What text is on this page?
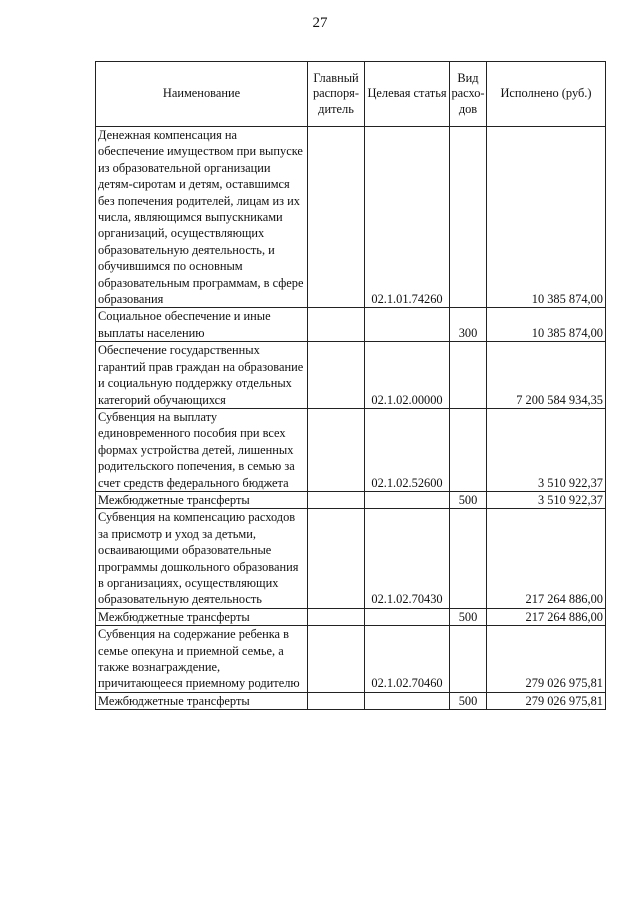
27
Наименование	Главный распоря-дитель	Целевая статья	Вид расхо-дов	Исполнено (руб.)
Денежная компенсация на обеспечение имуществом при выпуске из образовательной организации детям-сиротам и детям, оставшимся без попечения родителей, лицам из их числа, являющимся выпускниками организаций, осуществляющих образовательную деятельность, и обучившимся по основным образовательным программам, в сфере образования		02.1.01.74260		10 385 874,00
Социальное обеспечение и иные выплаты населению			300	10 385 874,00
Обеспечение государственных гарантий прав граждан на образование и социальную поддержку отдельных категорий обучающихся		02.1.02.00000		7 200 584 934,35
Субвенция на выплату единовременного пособия при всех формах устройства детей, лишенных родительского попечения, в семью за счет средств федерального бюджета		02.1.02.52600		3 510 922,37
Межбюджетные трансферты			500	3 510 922,37
Субвенция на компенсацию расходов за присмотр и уход за детьми, осваивающими образовательные программы дошкольного образования в организациях, осуществляющих образовательную деятельность		02.1.02.70430		217 264 886,00
Межбюджетные трансферты			500	217 264 886,00
Субвенция на содержание ребенка в семье опекуна и приемной семье, а также вознаграждение, причитающееся приемному родителю		02.1.02.70460		279 026 975,81
Межбюджетные трансферты			500	279 026 975,81
